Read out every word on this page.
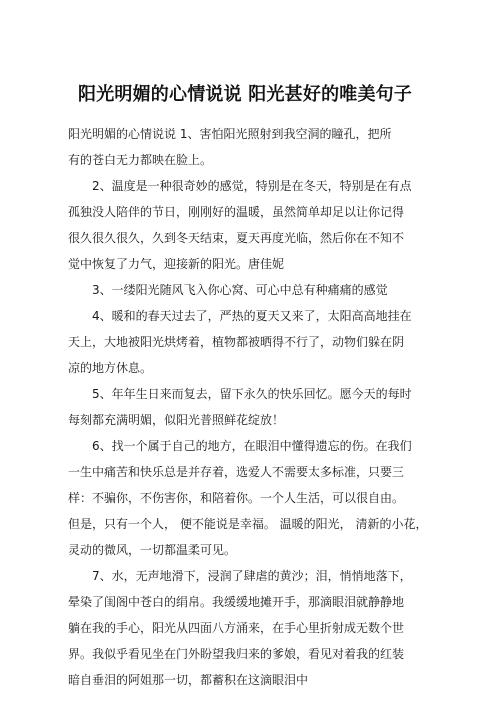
阳光明媚的心情说说 阳光甚好的唯美句子
阳光明媚的心情说说 1、害怕阳光照射到我空洞的瞳孔，把所
有的苍白无力都映在脸上。
2、温度是一种很奇妙的感觉，特别是在冬天，特别是在有点
孤独没人陪伴的节日，刚刚好的温暖，虽然简单却足以让你记得
很久很久很久，久到冬天结束，夏天再度光临，然后你在不知不
觉中恢复了力气，迎接新的阳光。唐佳妮
3、一缕阳光随风飞入你心窝、可心中总有种痛痛的感觉
4、暖和的春天过去了，严热的夏天又来了，太阳高高地挂在
天上，大地被阳光烘烤着，植物都被晒得不行了，动物们躲在阴
凉的地方休息。
5、年年生日来而复去，留下永久的快乐回忆。愿今天的每时
每刻都充满明媚，似阳光普照鲜花绽放！
6、找一个属于自己的地方，在眼泪中懂得遗忘的伤。在我们
一生中痛苦和快乐总是并存着，选爱人不需要太多标准，只要三
样：不骗你，不伤害你，和陪着你。一个人生活，可以很自由。
但是，只有一个人， 便不能说是幸福。 温暖的阳光， 清新的小花，
灵动的微风，一切都温柔可见。
7、水，无声地滑下，浸润了肆虐的黄沙；泪，悄悄地落下，
晕染了闺阁中苍白的绢帛。我缓缓地摊开手，那滴眼泪就静静地
躺在我的手心，阳光从四面八方涌来，在手心里折射成无数个世
界。我似乎看见坐在门外盼望我归来的爹娘，看见对着我的红装
暗自垂泪的阿姐那一切，都蓄积在这滴眼泪中
